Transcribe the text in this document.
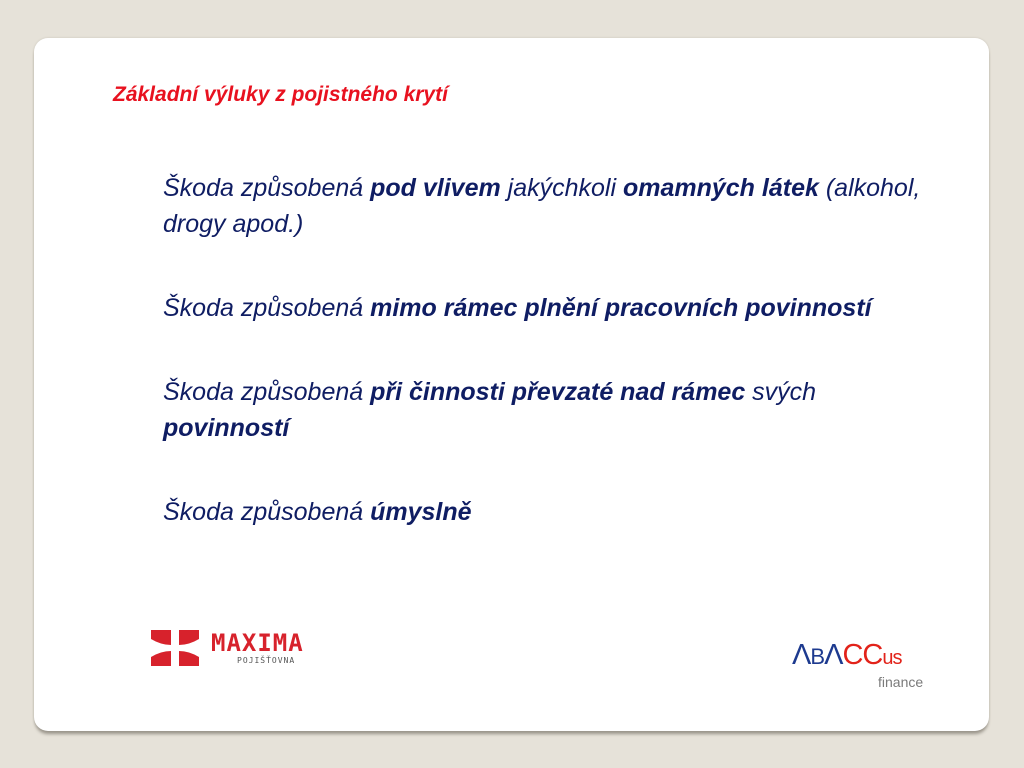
Základní výluky z pojistného krytí

Škoda způsobená pod vlivem jakýchkoli omamných látek (alkohol, drogy apod.)

Škoda způsobená mimo rámec plnění pracovních povinností

Škoda způsobená při činnosti převzaté nad rámec svých povinností

Škoda způsobená úmyslně

MAXIMA
POJIŠŤOVNA	ΛBΛCCus
finance
